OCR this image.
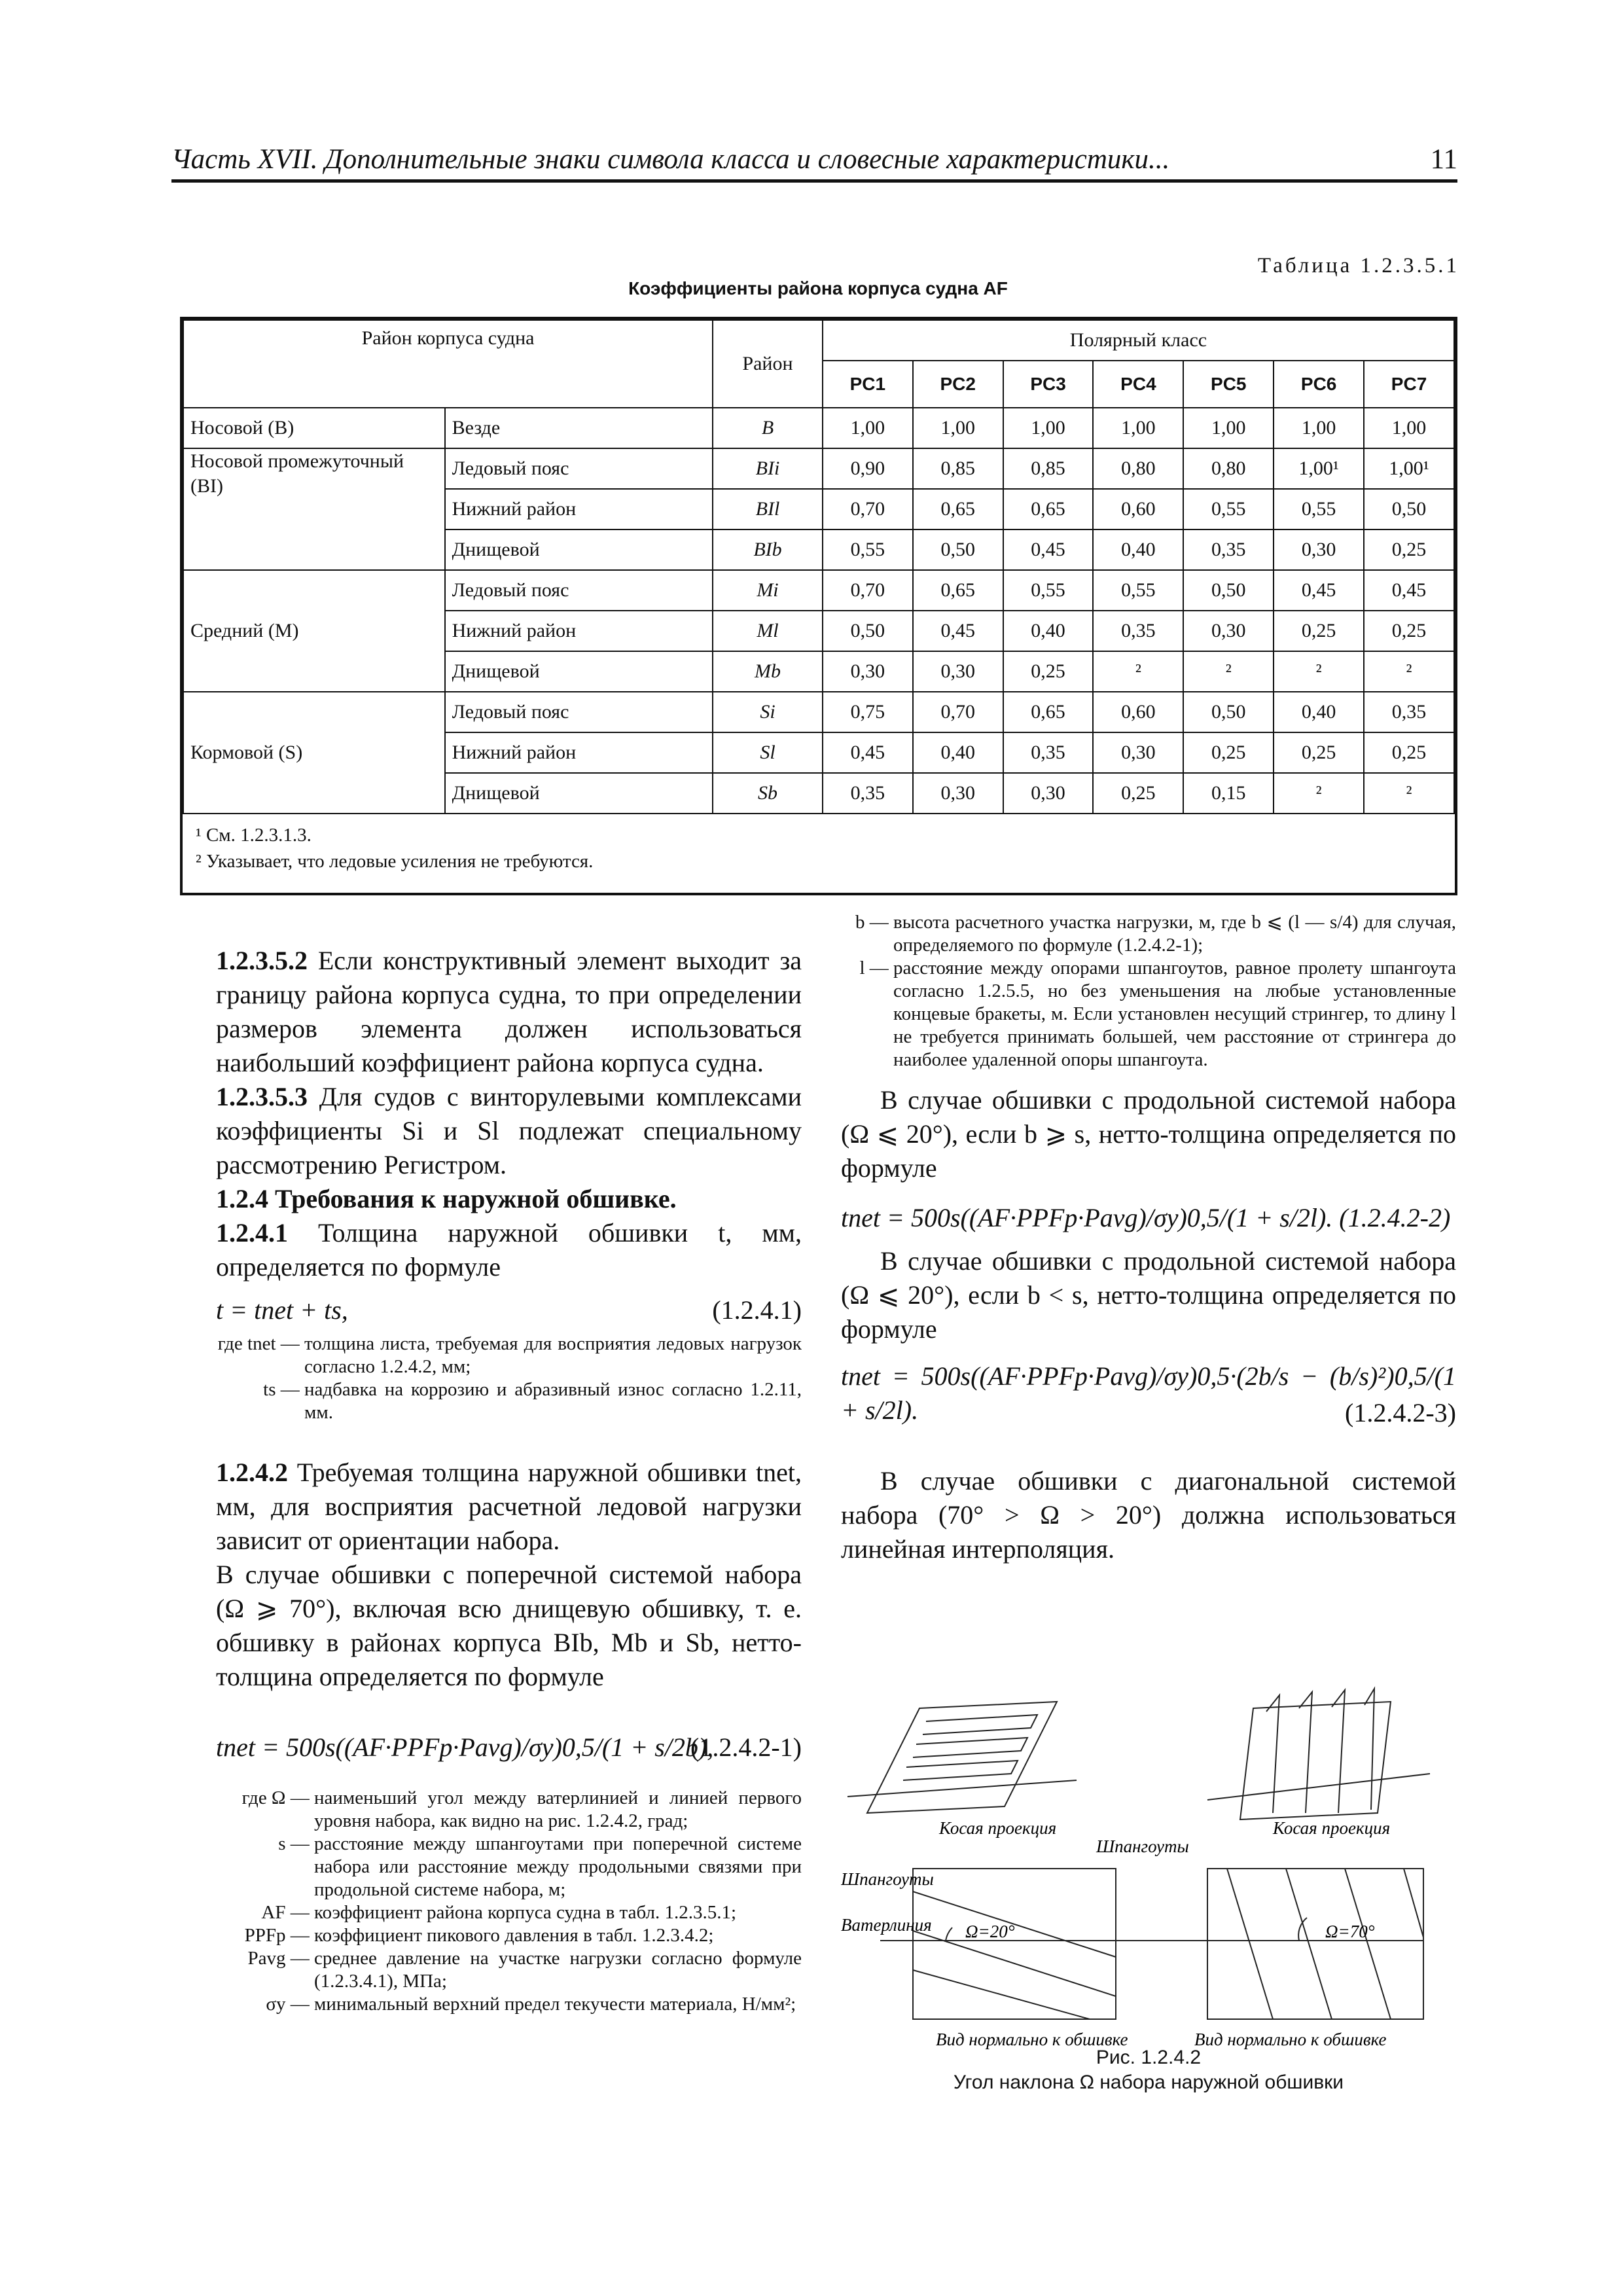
Часть XVII. Дополнительные знаки символа класса и словесные характеристики...	11
Таблица 1.2.3.5.1
Коэффициенты района корпуса судна AF
Район корпуса судна		Район	Полярный класс						
			PC1	PC2	PC3	PC4	PC5	PC6	PC7
Носовой (B)	Везде	B	1,00	1,00	1,00	1,00	1,00	1,00	1,00
Носовой промежуточный (BI)	Ледовый пояс	BIi	0,90	0,85	0,85	0,80	0,80	1,00¹	1,00¹
	Нижний район	BIl	0,70	0,65	0,65	0,60	0,55	0,55	0,50
	Днищевой	BIb	0,55	0,50	0,45	0,40	0,35	0,30	0,25
Средний (M)	Ледовый пояс	Mi	0,70	0,65	0,55	0,55	0,50	0,45	0,45
	Нижний район	Ml	0,50	0,45	0,40	0,35	0,30	0,25	0,25
	Днищевой	Mb	0,30	0,30	0,25	²	²	²	²
Кормовой (S)	Ледовый пояс	Si	0,75	0,70	0,65	0,60	0,50	0,40	0,35
	Нижний район	Sl	0,45	0,40	0,35	0,30	0,25	0,25	0,25
	Днищевой	Sb	0,35	0,30	0,30	0,25	0,15	²	²
¹ См. 1.2.3.1.3.
² Указывает, что ледовые усиления не требуются.
1.2.3.5.2 Если конструктивный элемент выходит за границу района корпуса судна, то при определении размеров элемента должен использоваться наибольший коэффициент района корпуса судна.
1.2.3.5.3 Для судов с винторулевыми комплексами коэффициенты Si и Sl подлежат специальному рассмотрению Регистром.
1.2.4 Требования к наружной обшивке.
1.2.4.1 Толщина наружной обшивки t, мм, определяется по формуле
t = tnet + ts,	(1.2.4.1)
где tnet — толщина листа, требуемая для восприятия ледовых нагрузок согласно 1.2.4.2, мм;
ts — надбавка на коррозию и абразивный износ согласно 1.2.11, мм.
1.2.4.2 Требуемая толщина наружной обшивки tnet, мм, для восприятия расчетной ледовой нагрузки зависит от ориентации набора.
В случае обшивки с поперечной системой набора (Ω ⩾ 70°), включая всю днищевую обшивку, т. е. обшивку в районах корпуса BIb, Mb и Sb, нетто-толщина определяется по формуле
tnet = 500s((AF·PPFp·Pavg)/σy)0,5/(1 + s/2b),
(1.2.4.2-1)
где Ω — наименьший угол между ватерлинией и линией первого уровня набора, как видно на рис. 1.2.4.2, град;
s — расстояние между шпангоутами при поперечной системе набора или расстояние между продольными связями при продольной системе набора, м;
AF — коэффициент района корпуса судна в табл. 1.2.3.5.1;
PPFp — коэффициент пикового давления в табл. 1.2.3.4.2;
Pavg — среднее давление на участке нагрузки согласно формуле (1.2.3.4.1), МПа;
σy — минимальный верхний предел текучести материала, Н/мм²;
b — высота расчетного участка нагрузки, м, где b ⩽ (l — s/4) для случая, определяемого по формуле (1.2.4.2-1);
l — расстояние между опорами шпангоутов, равное пролету шпангоута согласно 1.2.5.5, но без уменьшения на любые установленные концевые бракеты, м. Если установлен несущий стрингер, то длину l не требуется принимать большей, чем расстояние от стрингера до наиболее удаленной опоры шпангоута.
В случае обшивки с продольной системой набора (Ω ⩽ 20°), если b ⩾ s, нетто-толщина определяется по формуле
tnet = 500s((AF·PPFp·Pavg)/σy)0,5/(1 + s/2l). (1.2.4.2-2)
В случае обшивки с продольной системой набора (Ω ⩽ 20°), если b < s, нетто-толщина определяется по формуле
tnet = 500s((AF·PPFp·Pavg)/σy)0,5·(2b/s − (b/s)²)0,5/(1 + s/2l).	(1.2.4.2-3)
В случае обшивки с диагональной системой набора (70° > Ω > 20°) должна использоваться линейная интерполяция.
Косая проекция	Косая проекция
Шпангоуты
Шпангоуты
Ватерлиния Ω=20°	Ω=70°
Вид нормально к обшивке	Вид нормально к обшивке
Рис. 1.2.4.2
Угол наклона Ω набора наружной обшивки
